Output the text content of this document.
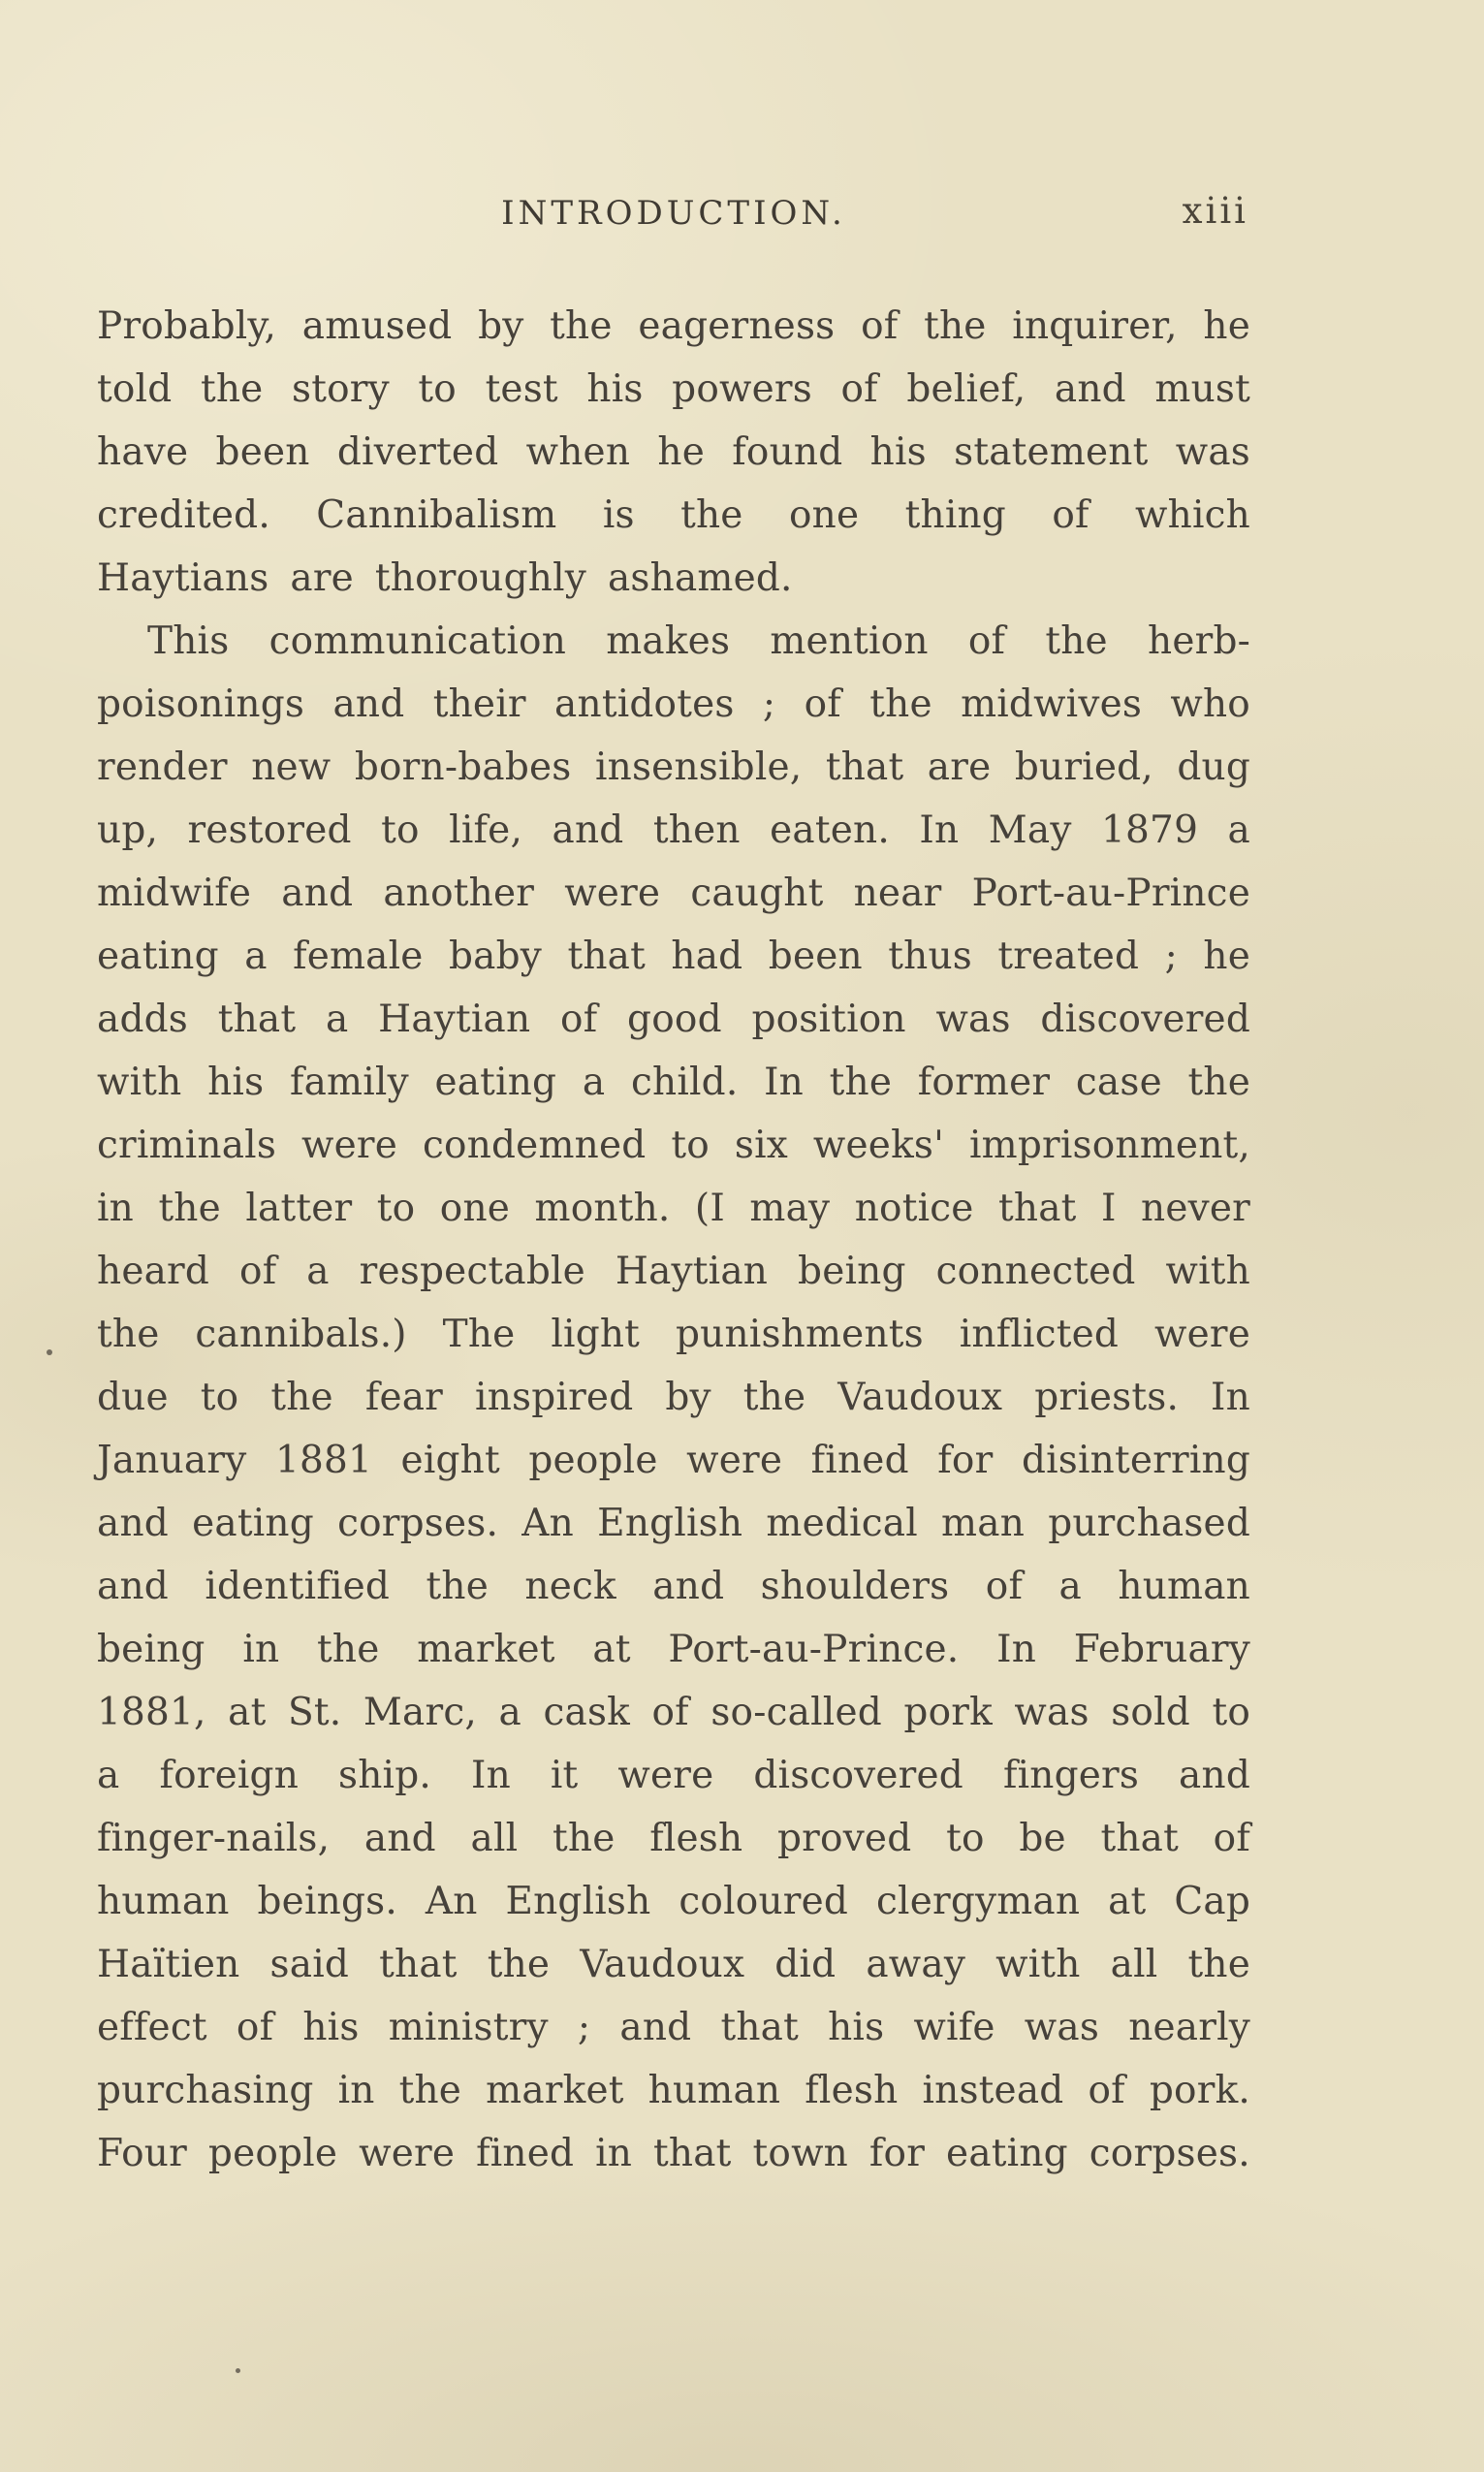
INTRODUCTION.	xiii

Probably, amused by the eagerness of the inquirer, he told the story to test his powers of belief, and must have been diverted when he found his statement was credited. Cannibalism is the one thing of which Haytians are thoroughly ashamed.

This communication makes mention of the herb-poisonings and their antidotes ; of the midwives who render new born-babes insensible, that are buried, dug up, restored to life, and then eaten. In May 1879 a midwife and another were caught near Port-au-Prince eating a female baby that had been thus treated ; he adds that a Haytian of good position was discovered with his family eating a child. In the former case the criminals were condemned to six weeks' imprisonment, in the latter to one month. (I may notice that I never heard of a respectable Haytian being connected with the cannibals.) The light punishments inflicted were due to the fear inspired by the Vaudoux priests. In January 1881 eight people were fined for disinterring and eating corpses. An English medical man purchased and identified the neck and shoulders of a human being in the market at Port-au-Prince. In February 1881, at St. Marc, a cask of so-called pork was sold to a foreign ship. In it were discovered fingers and finger-nails, and all the flesh proved to be that of human beings. An English coloured clergyman at Cap Haïtien said that the Vaudoux did away with all the effect of his ministry ; and that his wife was nearly purchasing in the market human flesh instead of pork. Four people were fined in that town for eating corpses.
